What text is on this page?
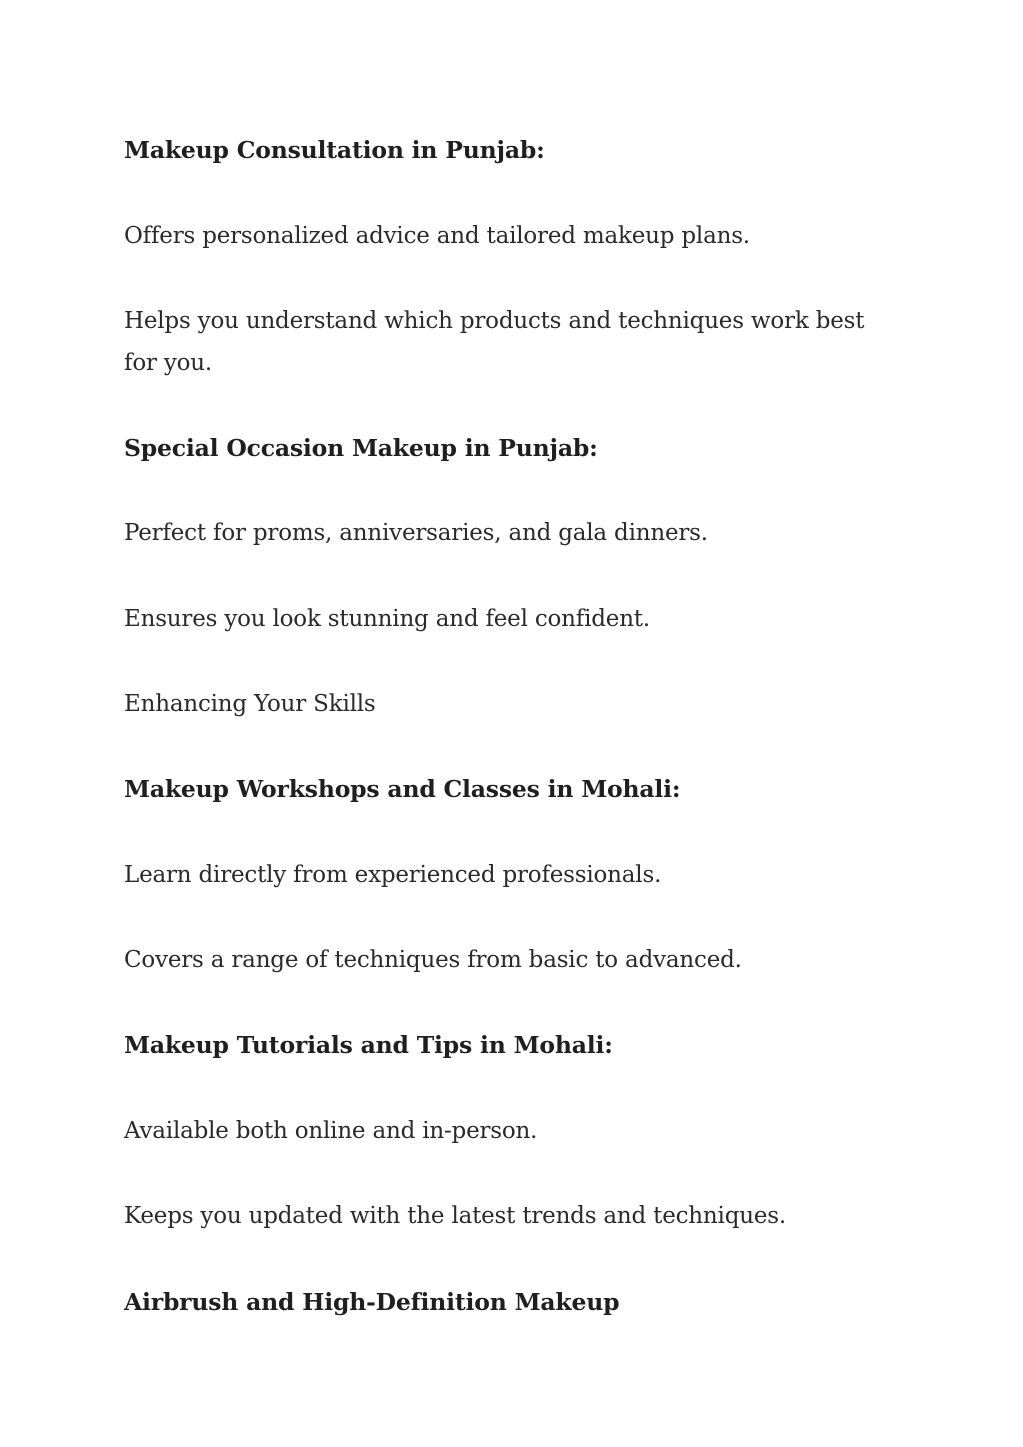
Makeup Consultation in Punjab:

Offers personalized advice and tailored makeup plans.

Helps you understand which products and techniques work best for you.

Special Occasion Makeup in Punjab:

Perfect for proms, anniversaries, and gala dinners.

Ensures you look stunning and feel confident.

Enhancing Your Skills

Makeup Workshops and Classes in Mohali:

Learn directly from experienced professionals.

Covers a range of techniques from basic to advanced.

Makeup Tutorials and Tips in Mohali:

Available both online and in-person.

Keeps you updated with the latest trends and techniques.

Airbrush and High-Definition Makeup
